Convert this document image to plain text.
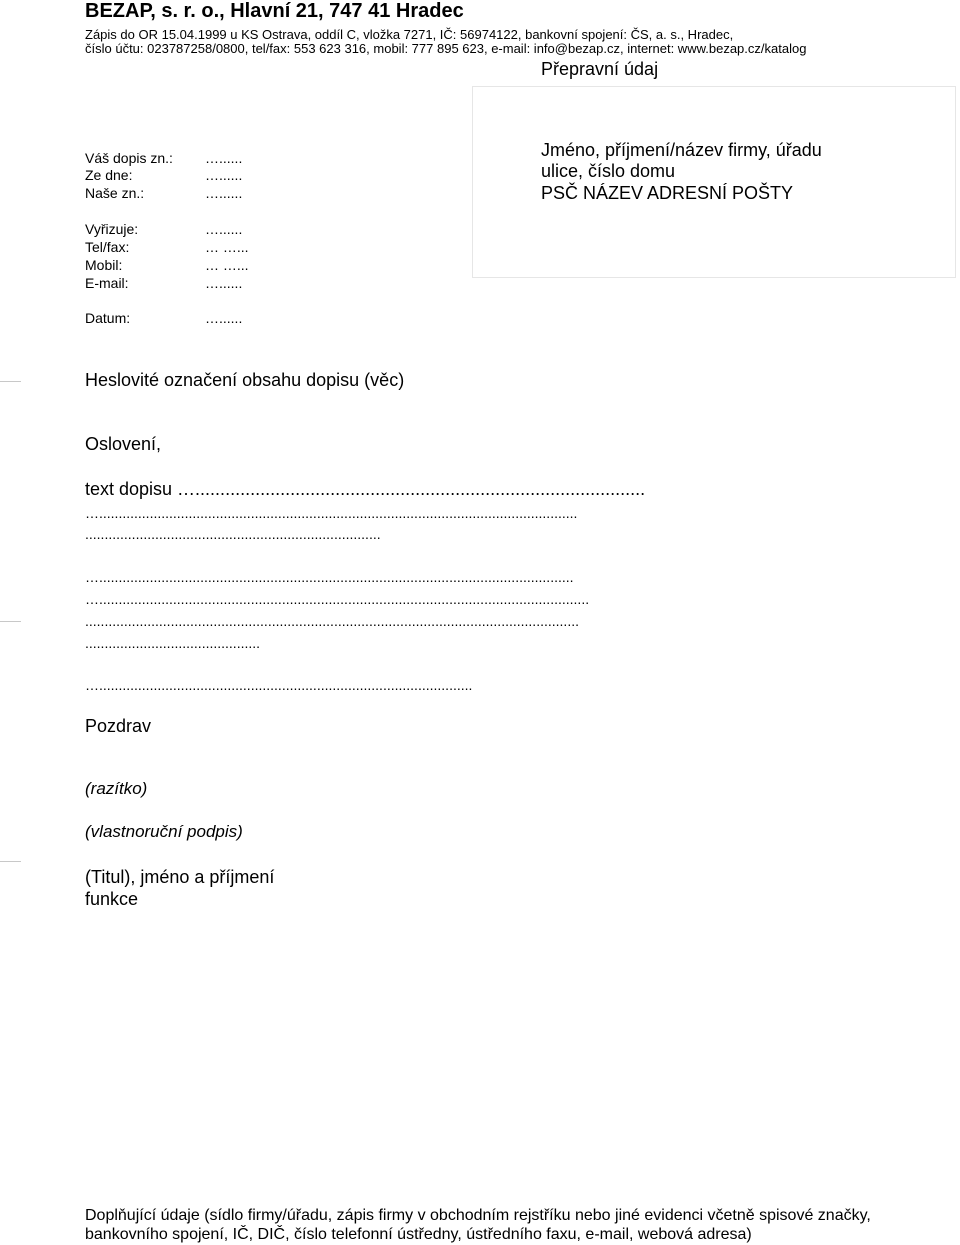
BEZAP, s. r. o., Hlavní 21, 747 41 Hradec
Zápis do OR 15.04.1999 u KS Ostrava, oddíl C, vložka 7271, IČ: 56974122, bankovní spojení: ČS, a. s., Hradec,
číslo účtu: 023787258/0800, tel/fax: 553 623 316, mobil: 777 895 623, e-mail: info@bezap.cz, internet: www.bezap.cz/katalog
Přepravní údaj
Jméno, příjmení/název firmy, úřadu
ulice, číslo domu
PSČ NÁZEV ADRESNÍ POŠTY
Váš dopis zn.: …......
Ze dne:	…......
Naše zn.:	…......
Vyřizuje:	…......
Tel/fax:	… …...
Mobil:	… …...
E-mail:	…......
Datum:	…......
Heslovité označení obsahu dopisu (věc)
Oslovení,
text dopisu …..........................................................................................
…...........................................................................................................................
............................................................................
…..........................................................................................................................
…..............................................................................................................................
...............................................................................................................................
.............................................
…................................................................................................
Pozdrav
(razítko)
(vlastnoruční podpis)
(Titul), jméno a příjmení
funkce
Doplňující údaje (sídlo firmy/úřadu, zápis firmy v obchodním rejstříku nebo jiné evidenci včetně spisové značky, bankovního spojení, IČ, DIČ, číslo telefonní ústředny, ústředního faxu, e-mail, webová adresa)
